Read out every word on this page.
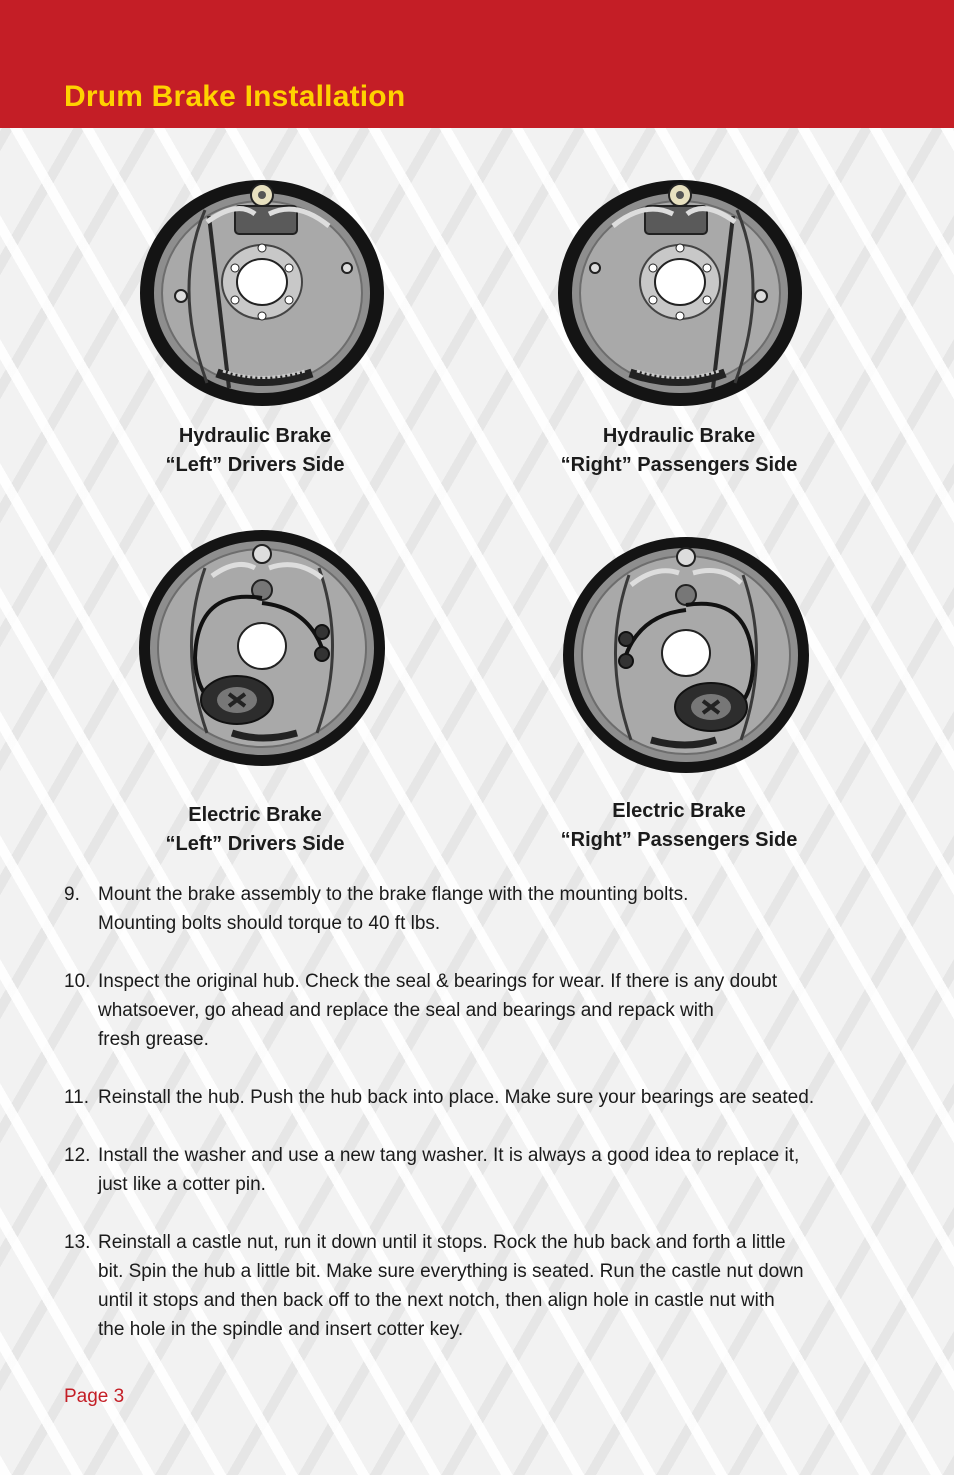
Drum Brake Installation
Hydraulic Brake
“Left” Drivers Side
Hydraulic Brake
“Right” Passengers Side
Electric Brake
“Left” Drivers Side
Electric Brake
“Right” Passengers Side
9. Mount the brake assembly to the brake flange with the mounting bolts.
Mounting bolts should torque to 40 ft lbs.
10. Inspect the original hub. Check the seal & bearings for wear. If there is any doubt
whatsoever, go ahead and replace the seal and bearings and repack with
fresh grease.
11. Reinstall the hub. Push the hub back into place. Make sure your bearings are seated.
12. Install the washer and use a new tang washer. It is always a good idea to replace it,
just like a cotter pin.
13. Reinstall a castle nut, run it down until it stops. Rock the hub back and forth a little
bit. Spin the hub a little bit. Make sure everything is seated. Run the castle nut down
until it stops and then back off to the next notch, then align hole in castle nut with
the hole in the spindle and insert cotter key.
Page 3
